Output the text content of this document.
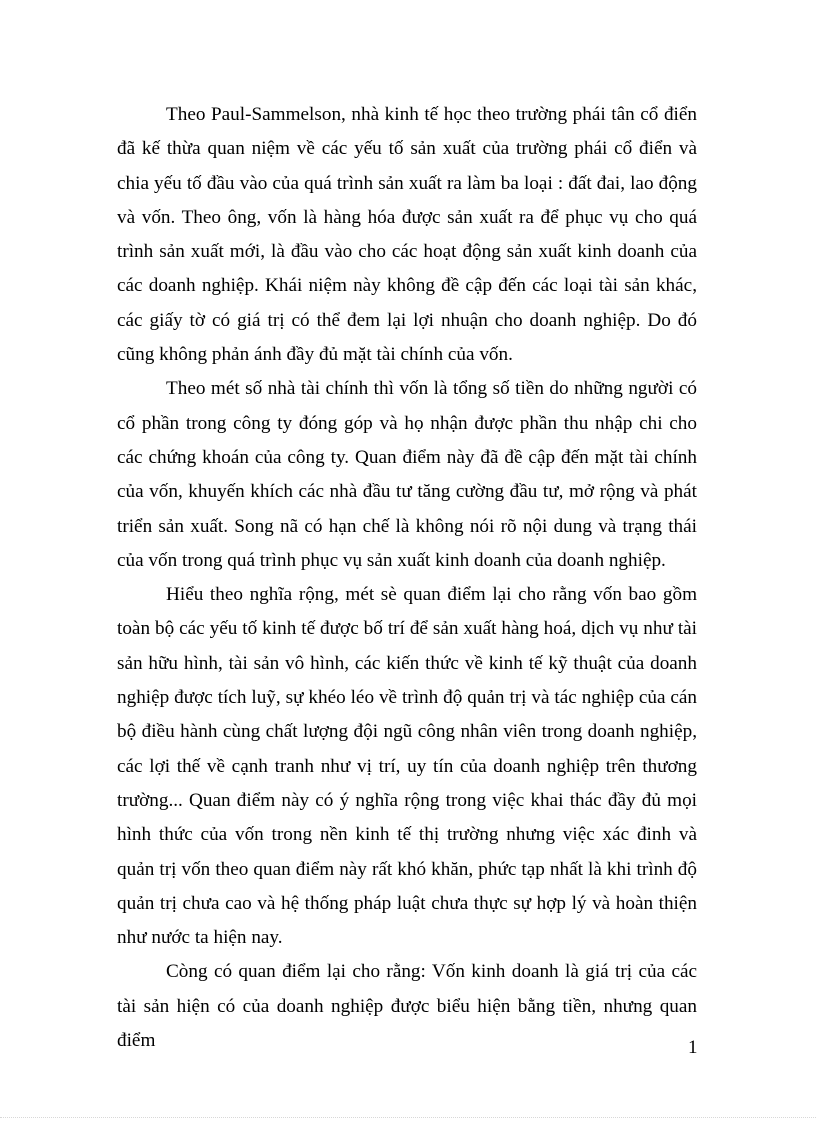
Theo Paul-Sammelson, nhà kinh tế học theo trường phái tân cổ điển đã kế thừa quan niệm về các yếu tố sản xuất của trường phái cổ điển và chia yếu tố đầu vào của quá trình sản xuất ra làm ba loại : đất đai, lao động và vốn. Theo ông, vốn là hàng hóa được sản xuất ra để phục vụ cho quá trình sản xuất mới, là đầu vào cho các hoạt động sản xuất kinh doanh của các doanh nghiệp. Khái niệm này không đề cập đến các loại tài sản khác, các giấy tờ có giá trị có thể đem lại lợi nhuận cho doanh nghiệp. Do đó cũng không phản ánh đầy đủ mặt tài chính của vốn.

Theo mét số nhà tài chính thì vốn là tổng số tiền do những người có cổ phần trong công ty đóng góp và họ nhận được phần thu nhập chi cho các chứng khoán của công ty. Quan điểm này đã đề cập đến mặt tài chính của vốn, khuyến khích các nhà đầu tư tăng cường đầu tư, mở rộng và phát triển sản xuất. Song nã có hạn chế là không nói rõ nội dung và trạng thái của vốn trong quá trình phục vụ sản xuất kinh doanh của doanh nghiệp.

Hiểu theo nghĩa rộng, mét sè quan điểm lại cho rằng vốn bao gồm toàn bộ các yếu tố kinh tế được bố trí để sản xuất hàng hoá, dịch vụ như tài sản hữu hình, tài sản vô hình, các kiến thức về kinh tế kỹ thuật của doanh nghiệp được tích luỹ, sự khéo léo về trình độ quản trị và tác nghiệp của cán bộ điều hành cùng chất lượng đội ngũ công nhân viên trong doanh nghiệp, các lợi thế về cạnh tranh như vị trí, uy tín của doanh nghiệp trên thương trường... Quan điểm này có ý nghĩa rộng trong việc khai thác đầy đủ mọi hình thức của vốn trong nền kinh tế thị trường nhưng việc xác đinh và quản trị vốn theo quan điểm này rất khó khăn, phức tạp nhất là khi trình độ quản trị chưa cao và hệ thống pháp luật chưa thực sự hợp lý và hoàn thiện như nước ta hiện nay.

Còng có quan điểm lại cho rằng: Vốn kinh doanh là giá trị của các tài sản hiện có của doanh nghiệp được biểu hiện bằng tiền, nhưng quan điểm	1
